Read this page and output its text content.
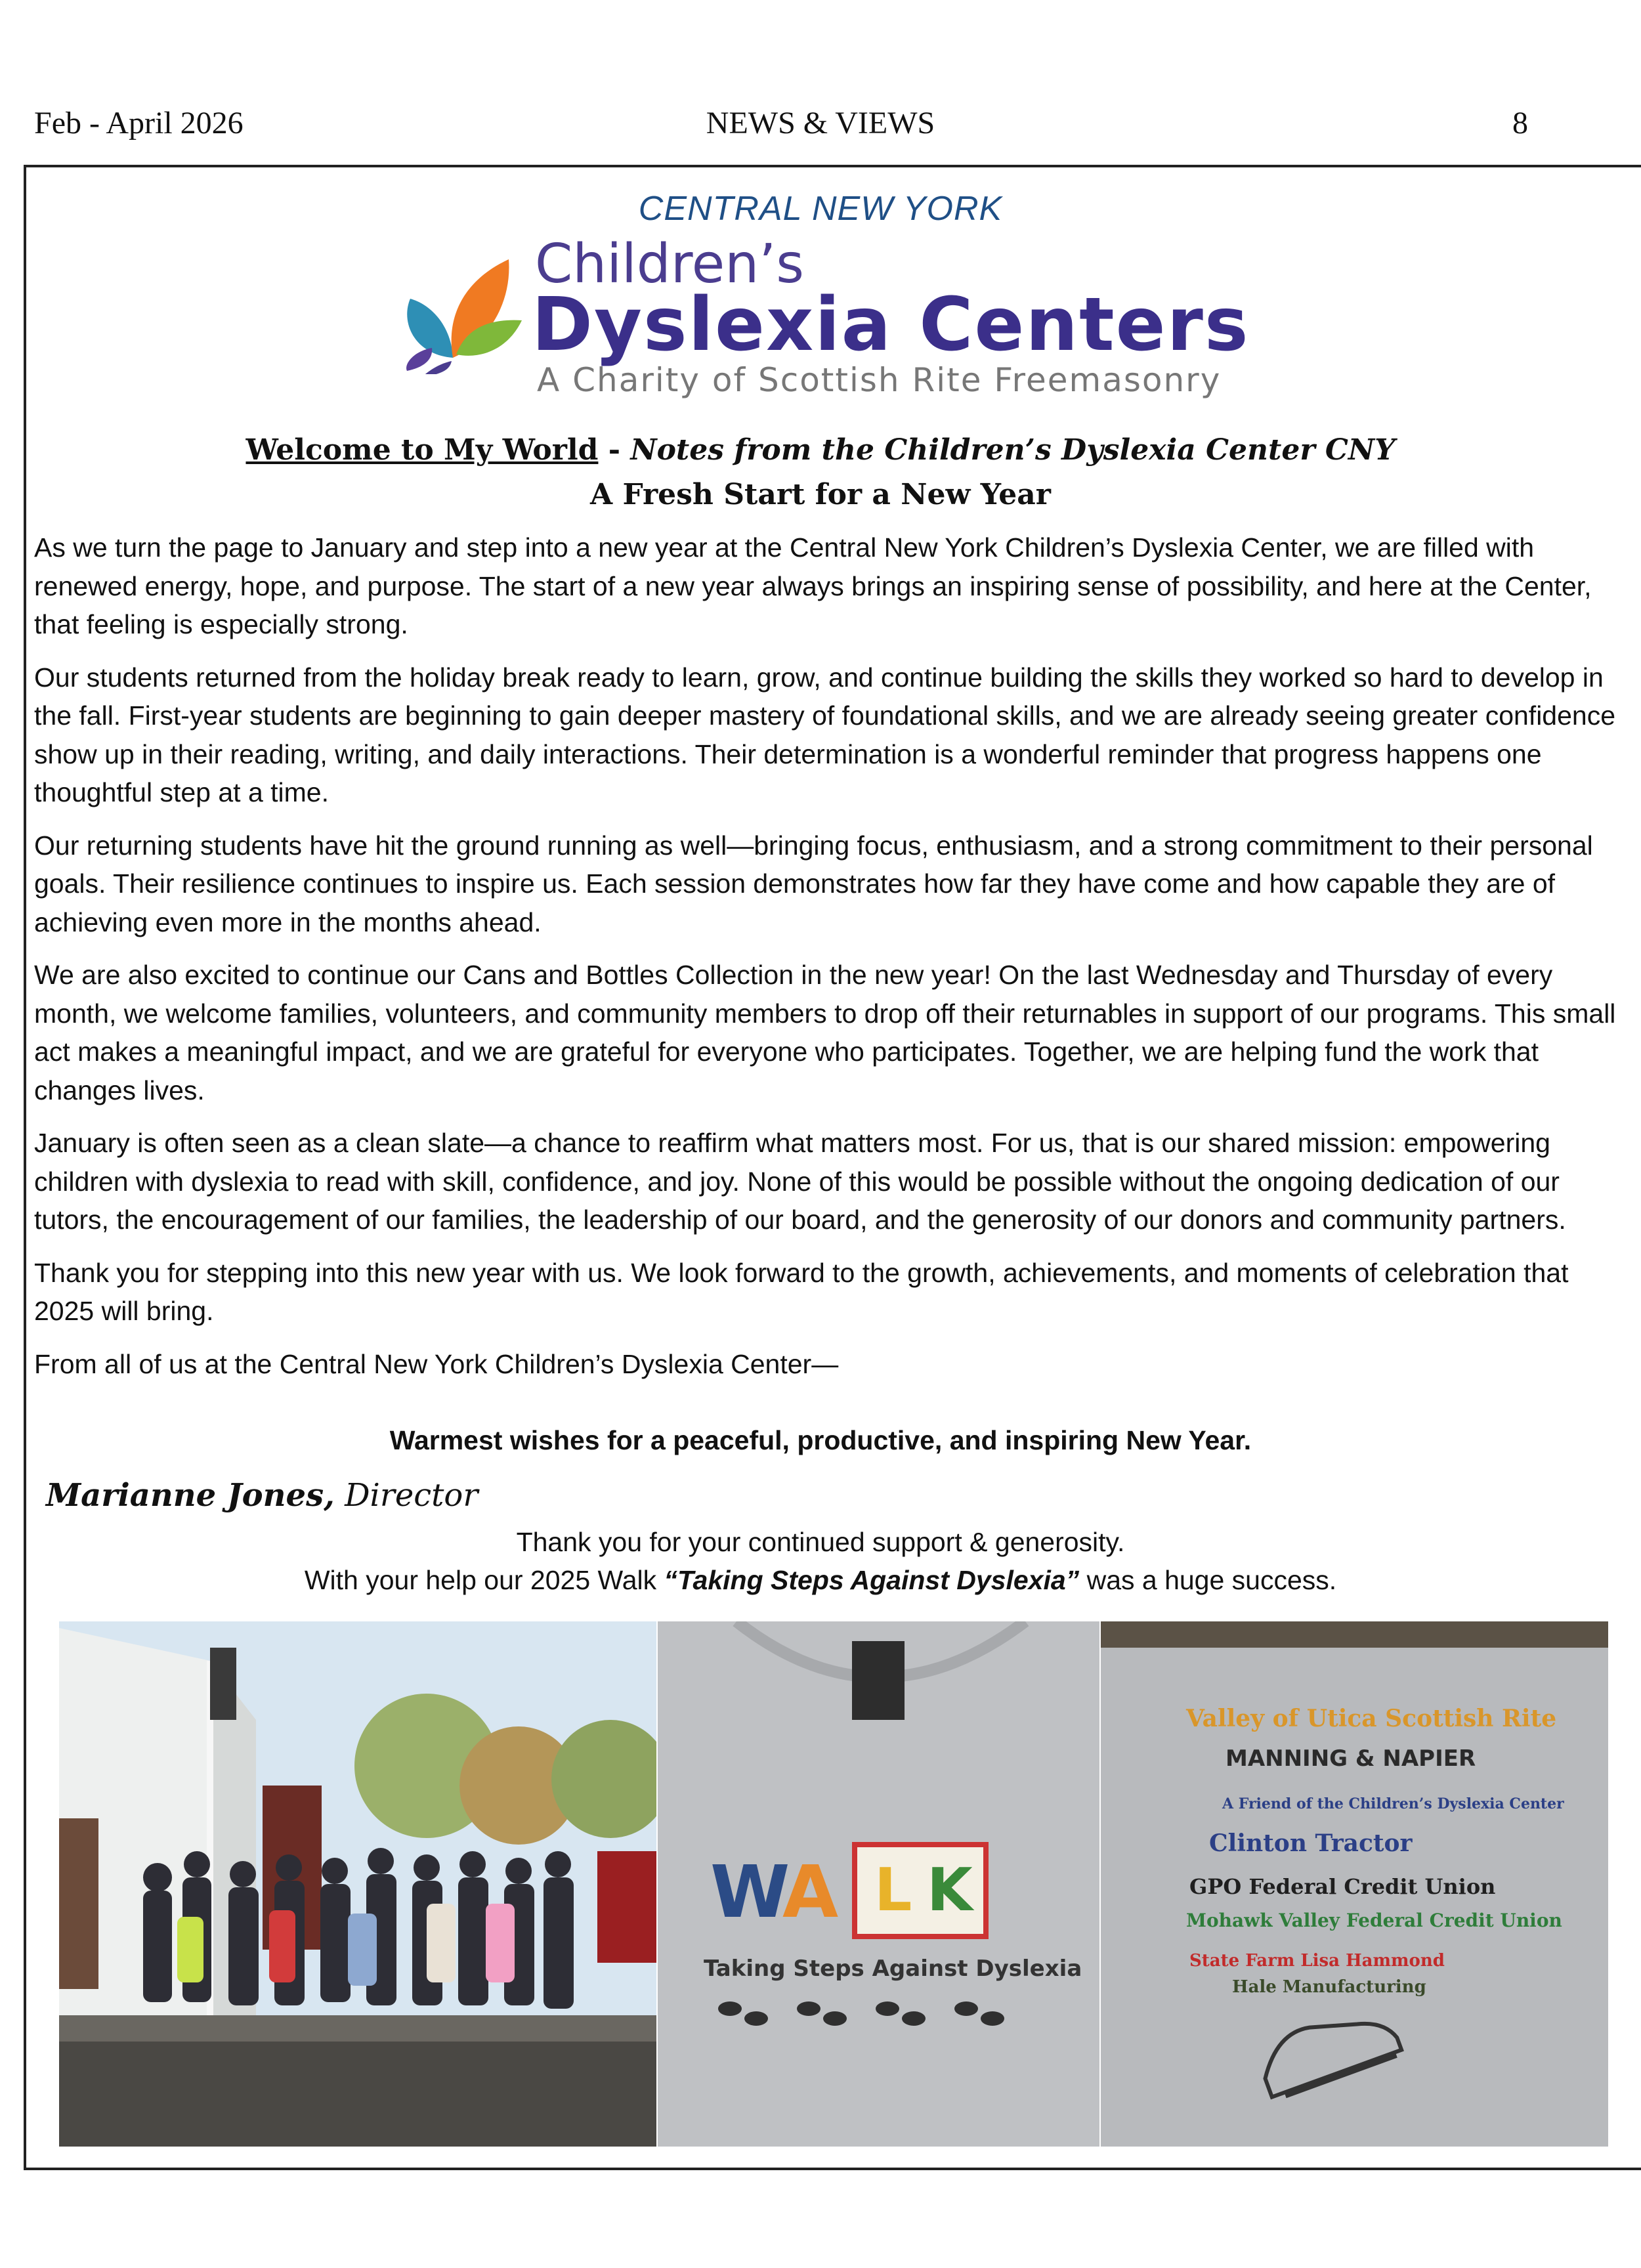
Feb - April 2026	NEWS & VIEWS	8
CENTRAL NEW YORK
Children’s
Dyslexia Centers
A Charity of Scottish Rite Freemasonry
Welcome to My World - Notes from the Children’s Dyslexia Center CNY
A Fresh Start for a New Year

As we turn the page to January and step into a new year at the Central New York Children’s Dyslexia Center, we are filled with renewed energy, hope, and purpose. The start of a new year always brings an inspiring sense of possibility, and here at the Center, that feeling is especially strong.

Our students returned from the holiday break ready to learn, grow, and continue building the skills they worked so hard to develop in the fall. First-year students are beginning to gain deeper mastery of foundational skills, and we are already seeing greater confidence show up in their reading, writing, and daily interactions. Their determination is a wonderful reminder that progress happens one thoughtful step at a time.

Our returning students have hit the ground running as well—bringing focus, enthusiasm, and a strong commitment to their personal goals. Their resilience continues to inspire us. Each session demonstrates how far they have come and how capable they are of achieving even more in the months ahead.

We are also excited to continue our Cans and Bottles Collection in the new year! On the last Wednesday and Thursday of every month, we welcome families, volunteers, and community members to drop off their returnables in support of our programs. This small act makes a meaningful impact, and we are grateful for everyone who participates. Together, we are helping fund the work that changes lives.

January is often seen as a clean slate—a chance to reaffirm what matters most. For us, that is our shared mission: empowering children with dyslexia to read with skill, confidence, and joy. None of this would be possible without the ongoing dedication of our tutors, the encouragement of our families, the leadership of our board, and the generosity of our donors and community partners.

Thank you for stepping into this new year with us. We look forward to the growth, achievements, and moments of celebration that 2025 will bring.

From all of us at the Central New York Children’s Dyslexia Center—

Warmest wishes for a peaceful, productive, and inspiring New Year.
Marianne Jones, Director
Thank you for your continued support & generosity.
With your help our 2025 Walk “Taking Steps Against Dyslexia” was a huge success.
W
A L K
Taking Steps Against Dyslexia
Valley of Utica Scottish Rite
MANNING & NAPIER
A Friend of the Children’s Dyslexia Center
Clinton Tractor
GPO Federal Credit Union
Mohawk Valley Federal Credit Union
State Farm Lisa Hammond
Hale Manufacturing
